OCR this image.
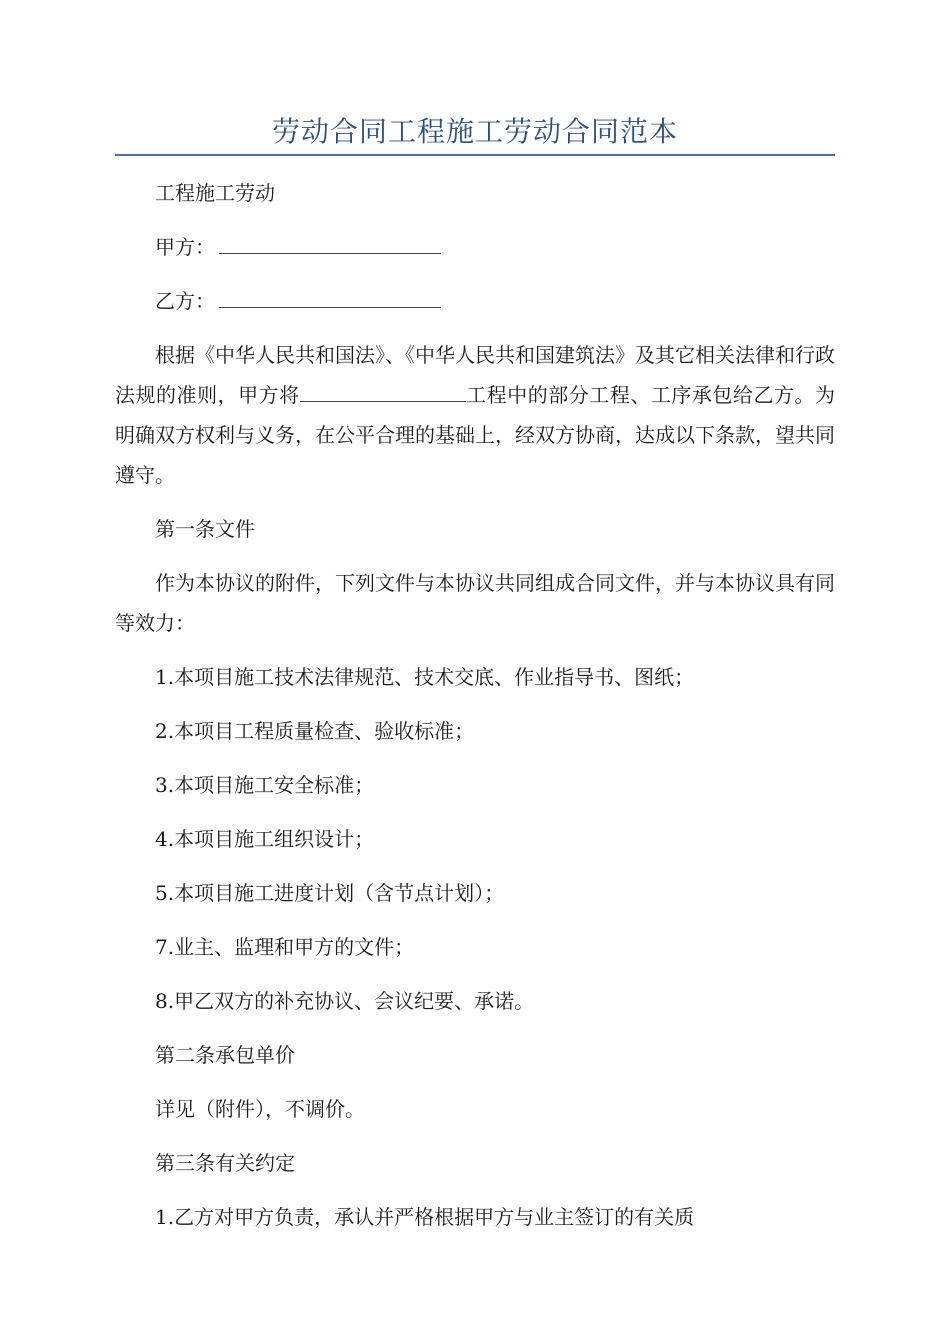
劳动合同工程施工劳动合同范本

工程施工劳动

甲方：

乙方：

根据《中华人民共和国法》、《中华人民共和国建筑法》及其它相关法律和行政法规的准则，甲方将	工程中的部分工程、工序承包给乙方。为明确双方权利与义务，在公平合理的基础上，经双方协商，达成以下条款，望共同遵守。

第一条文件

作为本协议的附件，下列文件与本协议共同组成合同文件，并与本协议具有同等效力：

1.本项目施工技术法律规范、技术交底、作业指导书、图纸；

2.本项目工程质量检查、验收标准；

3.本项目施工安全标准；

4.本项目施工组织设计；

5.本项目施工进度计划（含节点计划）；

7.业主、监理和甲方的文件；

8.甲乙双方的补充协议、会议纪要、承诺。

第二条承包单价

详见（附件），不调价。

第三条有关约定

1.乙方对甲方负责，承认并严格根据甲方与业主签订的有关质
